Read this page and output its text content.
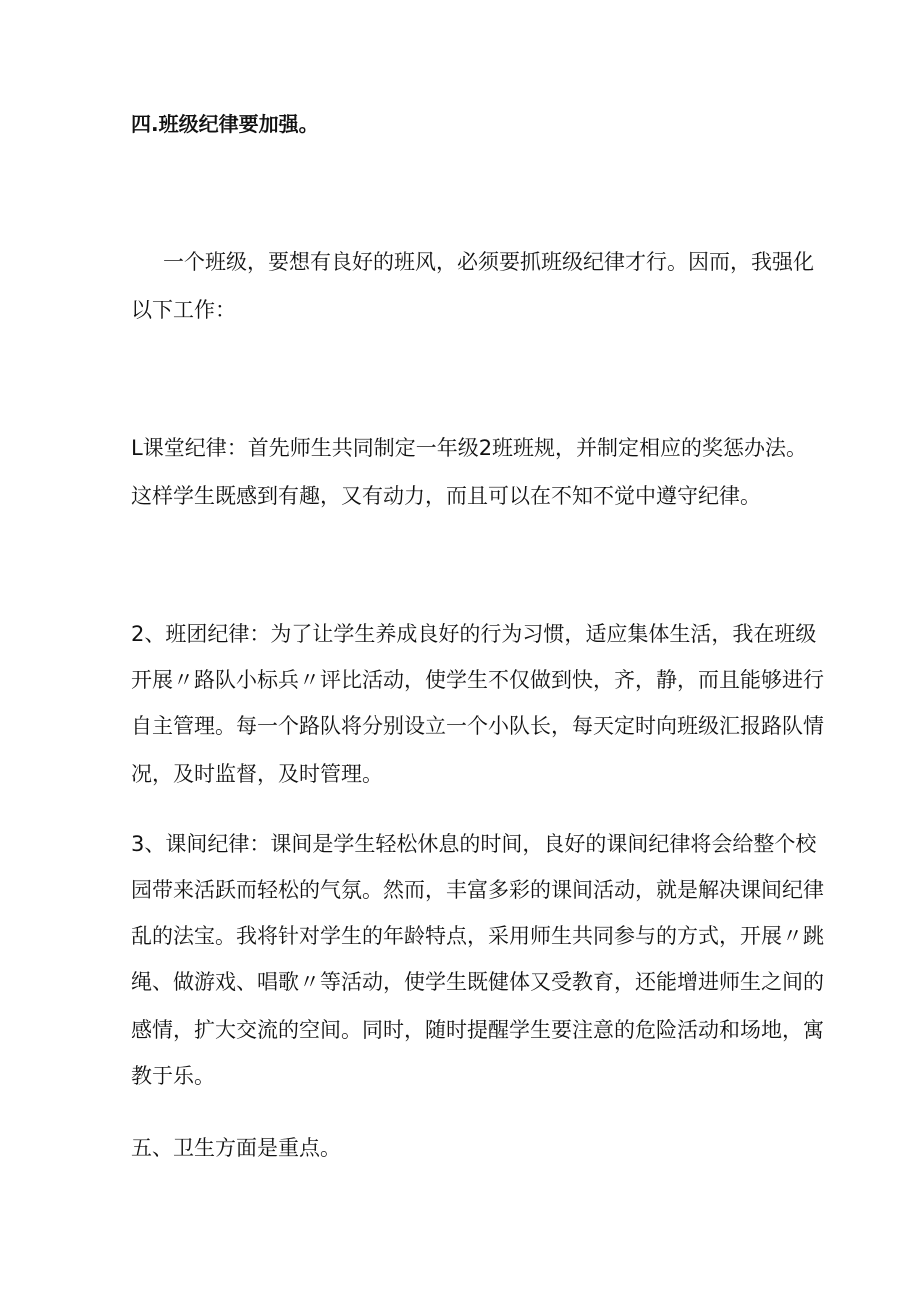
四.班级纪律要加强。
一个班级，要想有良好的班风，必须要抓班级纪律才行。因而，我强化
以下工作：
L课堂纪律：首先师生共同制定一年级2班班规，并制定相应的奖惩办法。
这样学生既感到有趣，又有动力，而且可以在不知不觉中遵守纪律。
2、班团纪律：为了让学生养成良好的行为习惯，适应集体生活，我在班级
开展〃路队小标兵〃评比活动，使学生不仅做到快，齐，静，而且能够进行
自主管理。每一个路队将分别设立一个小队长，每天定时向班级汇报路队情
况，及时监督，及时管理。
3、课间纪律：课间是学生轻松休息的时间，良好的课间纪律将会给整个校
园带来活跃而轻松的气氛。然而，丰富多彩的课间活动，就是解决课间纪律
乱的法宝。我将针对学生的年龄特点，采用师生共同参与的方式，开展〃跳
绳、做游戏、唱歌〃等活动，使学生既健体又受教育，还能增进师生之间的
感情，扩大交流的空间。同时，随时提醒学生要注意的危险活动和场地，寓
教于乐。
五、卫生方面是重点。
